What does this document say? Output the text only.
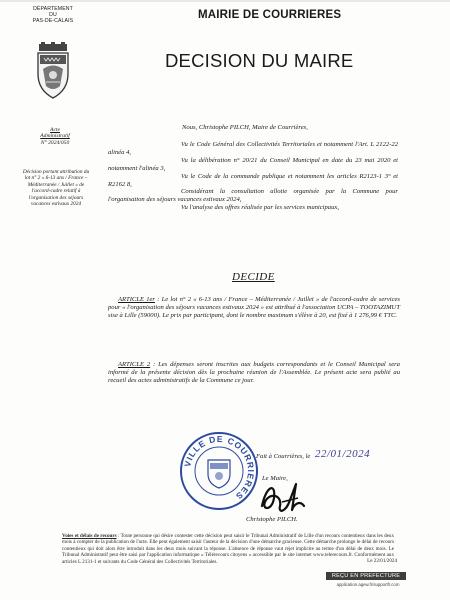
DÉPARTEMENT
DU
PAS-DE-CALAIS	MAIRIE DE COURRIERES
DECISION DU MAIRE
Acte
Administratif
N° 2024/050
Décision portant attribution du lot n° 2 « 6-13 ans / France – Méditerranée / Juillet » de l'accord-cadre relatif à l'organisation des séjours vacances estivaux 2024
Nous, Christophe PILCH, Maire de Courrières,

Vu le Code Général des Collectivités Territoriales et notamment l'Art. L 2122-22 alinéa 4,

Vu la délibération n° 20/21 du Conseil Municipal en date du 23 mai 2020 et notamment l'alinéa 3,

Vu le Code de la commande publique et notamment les articles R2123-1 3° et R2162 8,

Considérant la consultation allotie organisée par la Commune pour l'organisation des séjours vacances estivaux 2024,

Vu l'analyse des offres réalisée par les services municipaux,

DECIDE

ARTICLE 1er : Le lot n° 2 « 6-13 ans / France – Méditerranée / Juillet » de l'accord-cadre de services pour « l'organisation des séjours vacances estivaux 2024 » est attribué à l'association UCPA – TOOTAZIMUT sise à Lille (59000). Le prix par participant, dont le nombre maximum s'élève à 20, est fixé à 1 276,99 € TTC.

ARTICLE 2 : Les dépenses seront inscrites aux budgets correspondants et le Conseil Municipal sera informé de la présente décision dès la prochaine réunion de l'Assemblée. Le présent acte sera publié au recueil des actes administratifs de la Commune ce jour.

VILLE DE COURRIERES
Fait à Courrières, le 22/01/2024
Le Maire,
Christophe PILCH.
Voies et délais de recours : Toute personne qui désire contester cette décision peut saisir le Tribunal Administratif de Lille d'un recours contentieux dans les deux mois à compter de la publication de l'acte. Elle peut également saisir l'auteur de la décision d'une démarche gracieuse. Cette démarche prolonge le délai de recours contentieux qui doit alors être introduit dans les deux mois suivant la réponse. L'absence de réponse vaut rejet implicite au terme d'un délai de deux mois. Le Tribunal Administratif peut être saisi par l'application informatique « Télérecours citoyens » accessible par le site internet www.telerecours.fr. Conformément aux articles L 2131-1 et suivants du Code Général des Collectivités Territoriales.	Le 22/01/2024
REÇU EN PREFECTURE
application.agew.fr/supportfr.com
